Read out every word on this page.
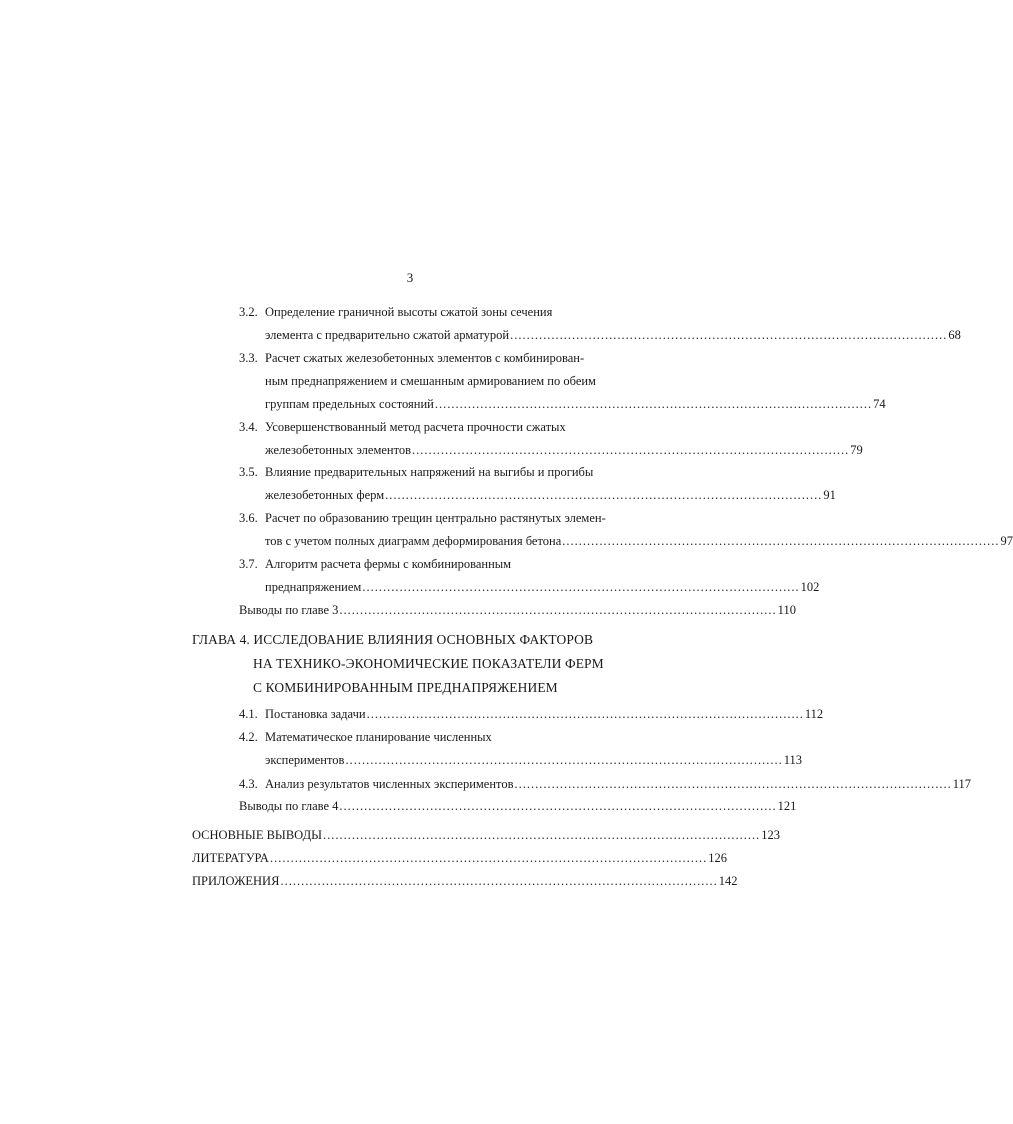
3
3.2. Определение граничной высоты сжатой зоны сечения
элемента с предварительно сжатой арматурой .......................................................................................................... 68
3.3. Расчет сжатых железобетонных элементов с комбинирован-
ным преднапряжением и смешанным армированием по обеим
группам предельных состояний .......................................................................................................... 74
3.4. Усовершенствованный метод расчета прочности сжатых
железобетонных элементов .......................................................................................................... 79
3.5. Влияние предварительных напряжений на выгибы и прогибы
железобетонных ферм .......................................................................................................... 91
3.6. Расчет по образованию трещин центрально растянутых элемен-
тов с учетом полных диаграмм деформирования бетона .......................................................................................................... 97
3.7. Алгоритм расчета фермы с комбинированным
преднапряжением .......................................................................................................... 102
Выводы по главе 3 .......................................................................................................... 110
ГЛАВА 4. ИССЛЕДОВАНИЕ ВЛИЯНИЯ ОСНОВНЫХ ФАКТОРОВ
НА ТЕХНИКО-ЭКОНОМИЧЕСКИЕ ПОКАЗАТЕЛИ ФЕРМ
С КОМБИНИРОВАННЫМ ПРЕДНАПРЯЖЕНИЕМ
4.1. Постановка задачи .......................................................................................................... 112
4.2. Математическое планирование численных
экспериментов .......................................................................................................... 113
4.3. Анализ результатов численных экспериментов .......................................................................................................... 117
Выводы по главе 4 .......................................................................................................... 121
ОСНОВНЫЕ ВЫВОДЫ .......................................................................................................... 123
ЛИТЕРАТУРА .......................................................................................................... 126
ПРИЛОЖЕНИЯ .......................................................................................................... 142
